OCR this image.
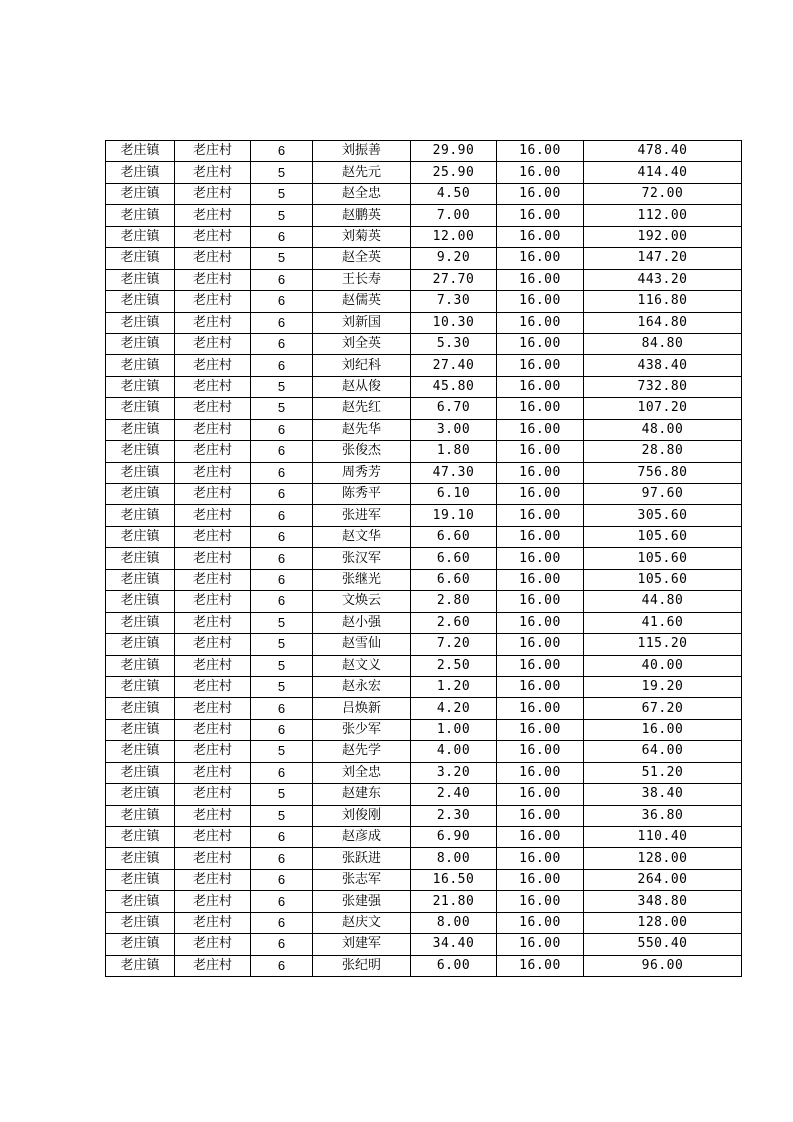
老庄镇	老庄村	6	刘振善	29.90	16.00	478.40
老庄镇	老庄村	5	赵先元	25.90	16.00	414.40
老庄镇	老庄村	5	赵全忠	4.50	16.00	72.00
老庄镇	老庄村	5	赵鹏英	7.00	16.00	112.00
老庄镇	老庄村	6	刘菊英	12.00	16.00	192.00
老庄镇	老庄村	5	赵全英	9.20	16.00	147.20
老庄镇	老庄村	6	王长寿	27.70	16.00	443.20
老庄镇	老庄村	6	赵儒英	7.30	16.00	116.80
老庄镇	老庄村	6	刘新国	10.30	16.00	164.80
老庄镇	老庄村	6	刘全英	5.30	16.00	84.80
老庄镇	老庄村	6	刘纪科	27.40	16.00	438.40
老庄镇	老庄村	5	赵从俊	45.80	16.00	732.80
老庄镇	老庄村	5	赵先红	6.70	16.00	107.20
老庄镇	老庄村	6	赵先华	3.00	16.00	48.00
老庄镇	老庄村	6	张俊杰	1.80	16.00	28.80
老庄镇	老庄村	6	周秀芳	47.30	16.00	756.80
老庄镇	老庄村	6	陈秀平	6.10	16.00	97.60
老庄镇	老庄村	6	张进军	19.10	16.00	305.60
老庄镇	老庄村	6	赵文华	6.60	16.00	105.60
老庄镇	老庄村	6	张汉军	6.60	16.00	105.60
老庄镇	老庄村	6	张继光	6.60	16.00	105.60
老庄镇	老庄村	6	文焕云	2.80	16.00	44.80
老庄镇	老庄村	5	赵小强	2.60	16.00	41.60
老庄镇	老庄村	5	赵雪仙	7.20	16.00	115.20
老庄镇	老庄村	5	赵文义	2.50	16.00	40.00
老庄镇	老庄村	5	赵永宏	1.20	16.00	19.20
老庄镇	老庄村	6	吕焕新	4.20	16.00	67.20
老庄镇	老庄村	6	张少军	1.00	16.00	16.00
老庄镇	老庄村	5	赵先学	4.00	16.00	64.00
老庄镇	老庄村	6	刘全忠	3.20	16.00	51.20
老庄镇	老庄村	5	赵建东	2.40	16.00	38.40
老庄镇	老庄村	5	刘俊刚	2.30	16.00	36.80
老庄镇	老庄村	6	赵彦成	6.90	16.00	110.40
老庄镇	老庄村	6	张跃进	8.00	16.00	128.00
老庄镇	老庄村	6	张志军	16.50	16.00	264.00
老庄镇	老庄村	6	张建强	21.80	16.00	348.80
老庄镇	老庄村	6	赵庆文	8.00	16.00	128.00
老庄镇	老庄村	6	刘建军	34.40	16.00	550.40
老庄镇	老庄村	6	张纪明	6.00	16.00	96.00
